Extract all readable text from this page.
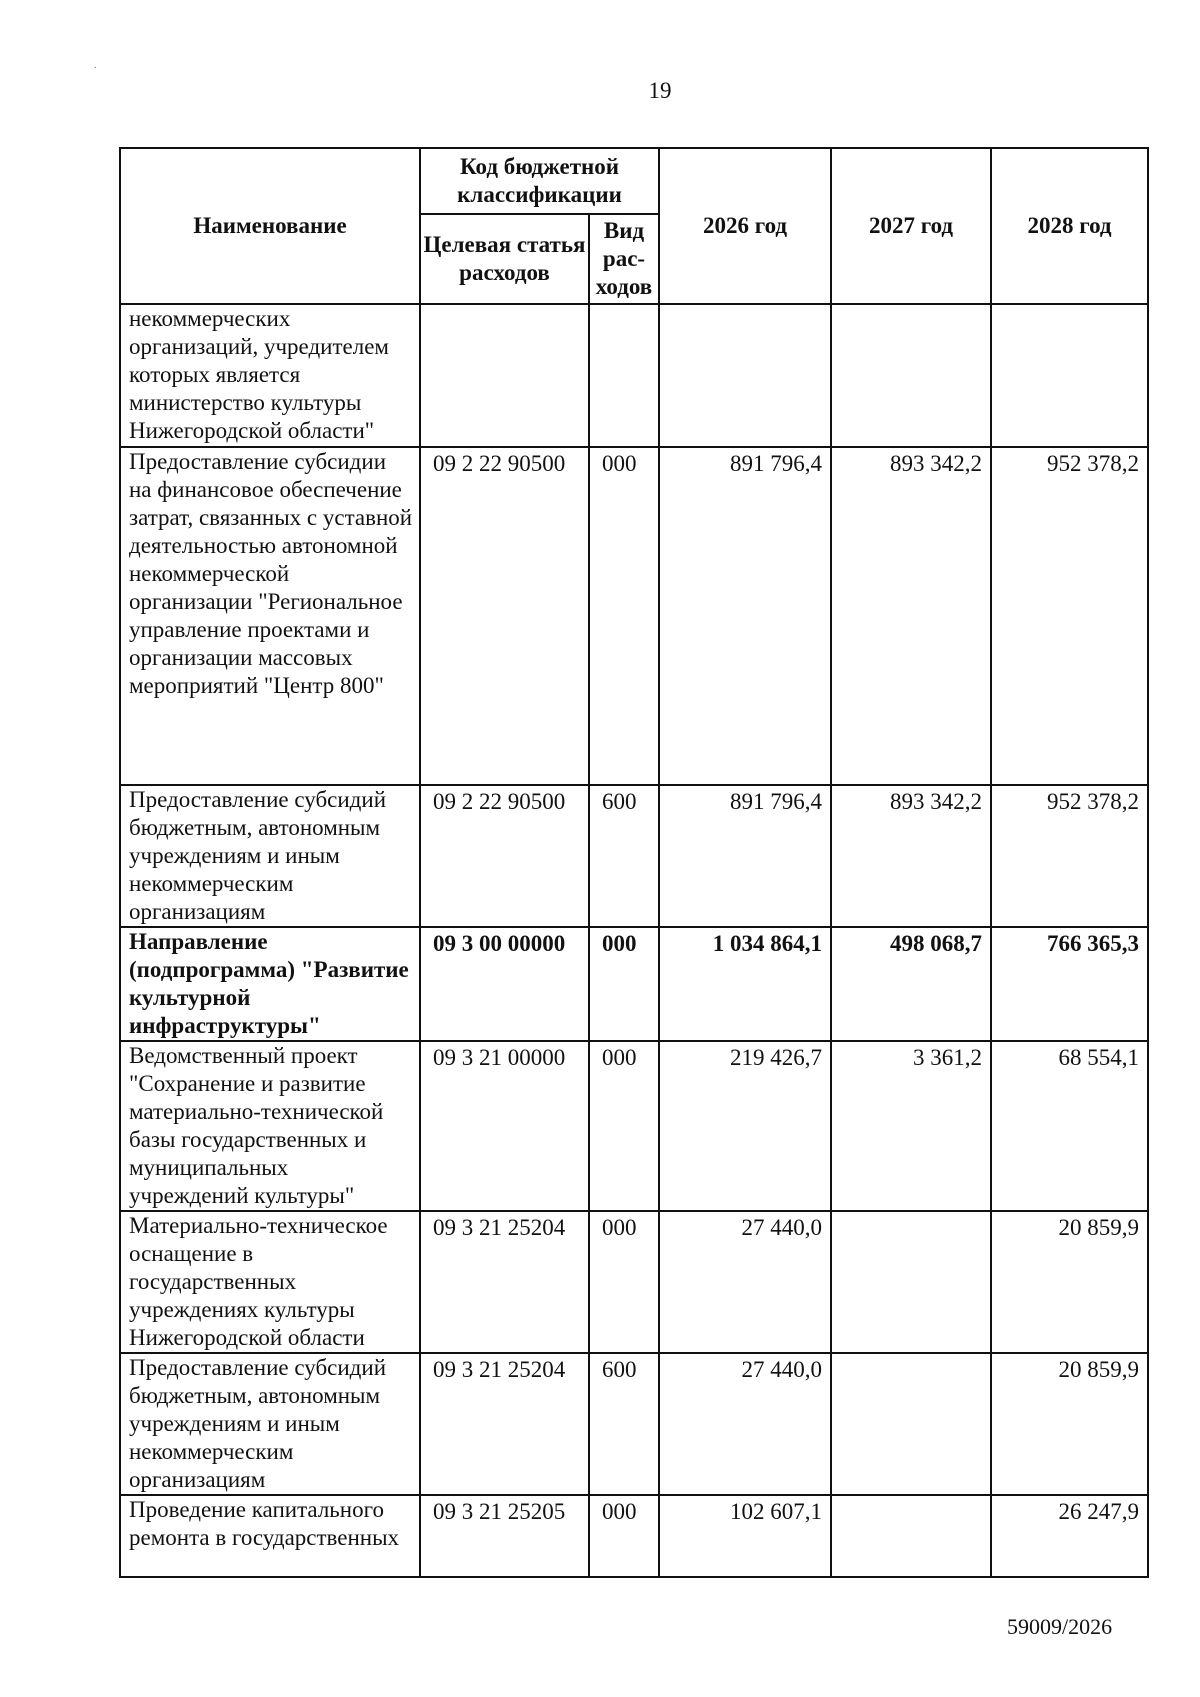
.
19
Наименование	Код бюджетной классификации		2026 год	2027 год	2028 год
	Целевая статья расходов	Вид рас-ходов			
некоммерческих организаций, учредителем которых является министерство культуры Нижегородской области"					
Предоставление субсидии на финансовое обеспечение затрат, связанных с уставной деятельностью автономной некоммерческой организации "Региональное управление проектами и организации массовых мероприятий "Центр 800"	09 2 22 90500	000	891 796,4	893 342,2	952 378,2
Предоставление субсидий бюджетным, автономным учреждениям и иным некоммерческим организациям	09 2 22 90500	600	891 796,4	893 342,2	952 378,2
Направление (подпрограмма) "Развитие культурной инфраструктуры"	09 3 00 00000	000	1 034 864,1	498 068,7	766 365,3
Ведомственный проект "Сохранение и развитие материально-технической базы государственных и муниципальных учреждений культуры"	09 3 21 00000	000	219 426,7	3 361,2	68 554,1
Материально-техническое оснащение в государственных учреждениях культуры Нижегородской области	09 3 21 25204	000	27 440,0		20 859,9
Предоставление субсидий бюджетным, автономным учреждениям и иным некоммерческим организациям	09 3 21 25204	600	27 440,0		20 859,9
Проведение капитального ремонта в государственных	09 3 21 25205	000	102 607,1		26 247,9
59009/2026
